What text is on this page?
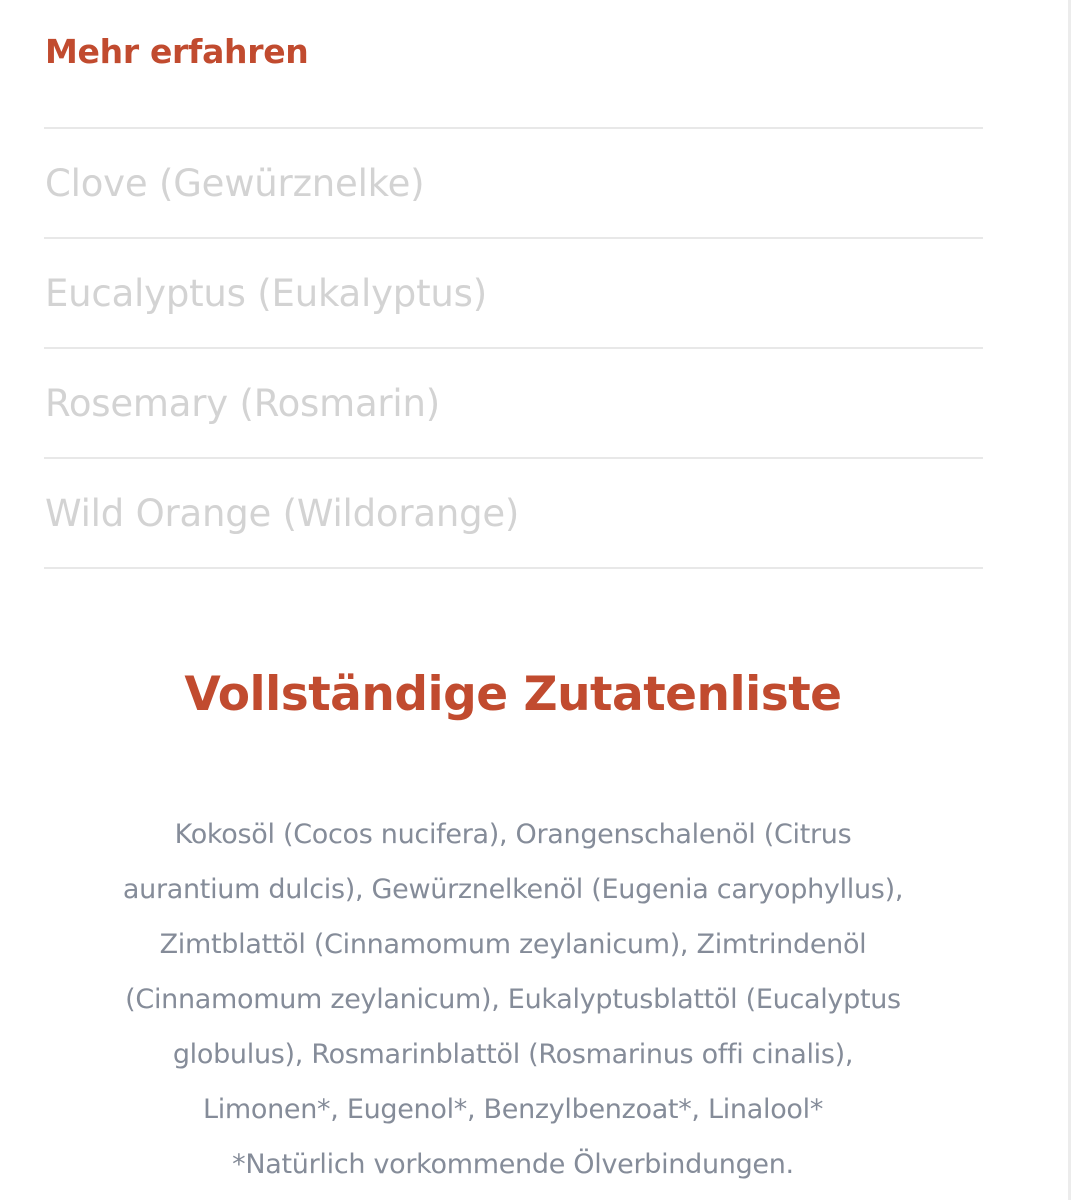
Mehr erfahren
Clove (Gewürznelke)
Eucalyptus (Eukalyptus)
Rosemary (Rosmarin)
Wild Orange (Wildorange)
Vollständige Zutatenliste

Kokosöl (Cocos nucifera), Orangenschalenöl (Citrus
aurantium dulcis), Gewürznelkenöl (Eugenia caryophyllus),
Zimtblattöl (Cinnamomum zeylanicum), Zimtrindenöl
(Cinnamomum zeylanicum), Eukalyptusblattöl (Eucalyptus
globulus), Rosmarinblattöl (Rosmarinus offi cinalis),
Limonen*, Eugenol*, Benzylbenzoat*, Linalool*
*Natürlich vorkommende Ölverbindungen.
